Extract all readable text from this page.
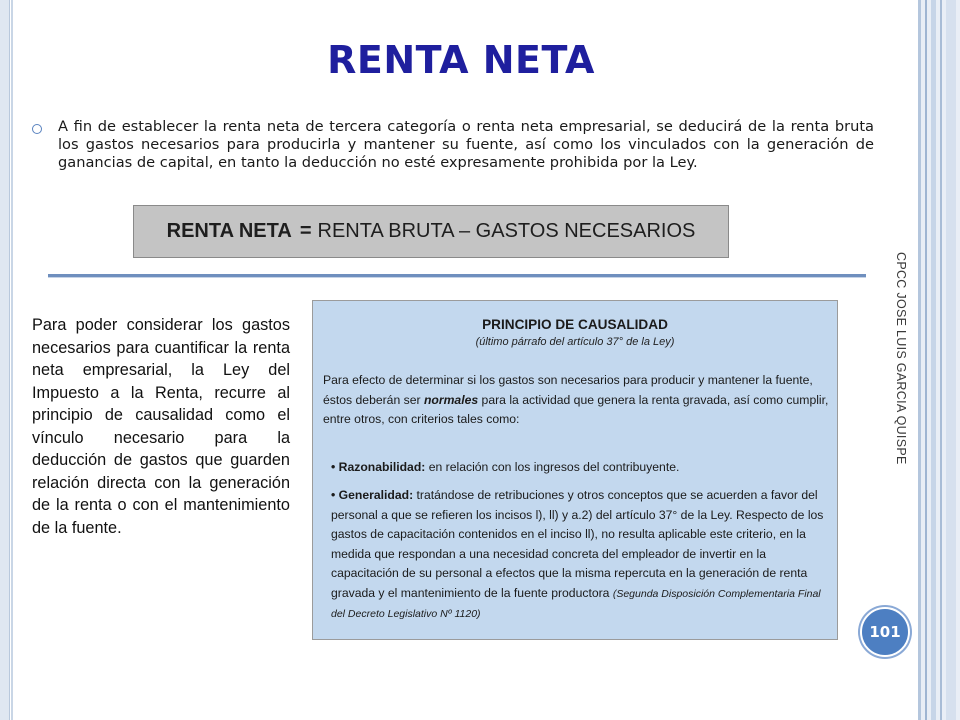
RENTA NETA
A fin de establecer la renta neta de tercera categoría o renta neta empresarial, se deducirá de la renta bruta los gastos necesarios para producirla y mantener su fuente, así como los vinculados con la generación de ganancias de capital, en tanto la deducción no esté expresamente prohibida por la Ley.
RENTA NETA = RENTA BRUTA – GASTOS NECESARIOS
CPCC JOSE LUIS GARCIA QUISPE
Para poder considerar los gastos necesarios para cuantificar la renta neta empresarial, la Ley del Impuesto a la Renta, recurre al principio de causalidad como el vínculo necesario para la deducción de gastos que guarden relación directa con la generación de la renta o con el mantenimiento de la fuente.
PRINCIPIO DE CAUSALIDAD
(último párrafo del artículo 37° de la Ley)
Para efecto de determinar si los gastos son necesarios para producir y mantener la fuente, éstos deberán ser normales para la actividad que genera la renta gravada, así como cumplir, entre otros, con criterios tales como:
• Razonabilidad: en relación con los ingresos del contribuyente.
• Generalidad: tratándose de retribuciones y otros conceptos que se acuerden a favor del personal a que se refieren los incisos l), ll) y a.2) del artículo 37° de la Ley. Respecto de los gastos de capacitación contenidos en el inciso ll), no resulta aplicable este criterio, en la medida que respondan a una necesidad concreta del empleador de invertir en la capacitación de su personal a efectos que la misma repercuta en la generación de renta gravada y el mantenimiento de la fuente productora (Segunda Disposición Complementaria Final del Decreto Legislativo Nº 1120)
101
